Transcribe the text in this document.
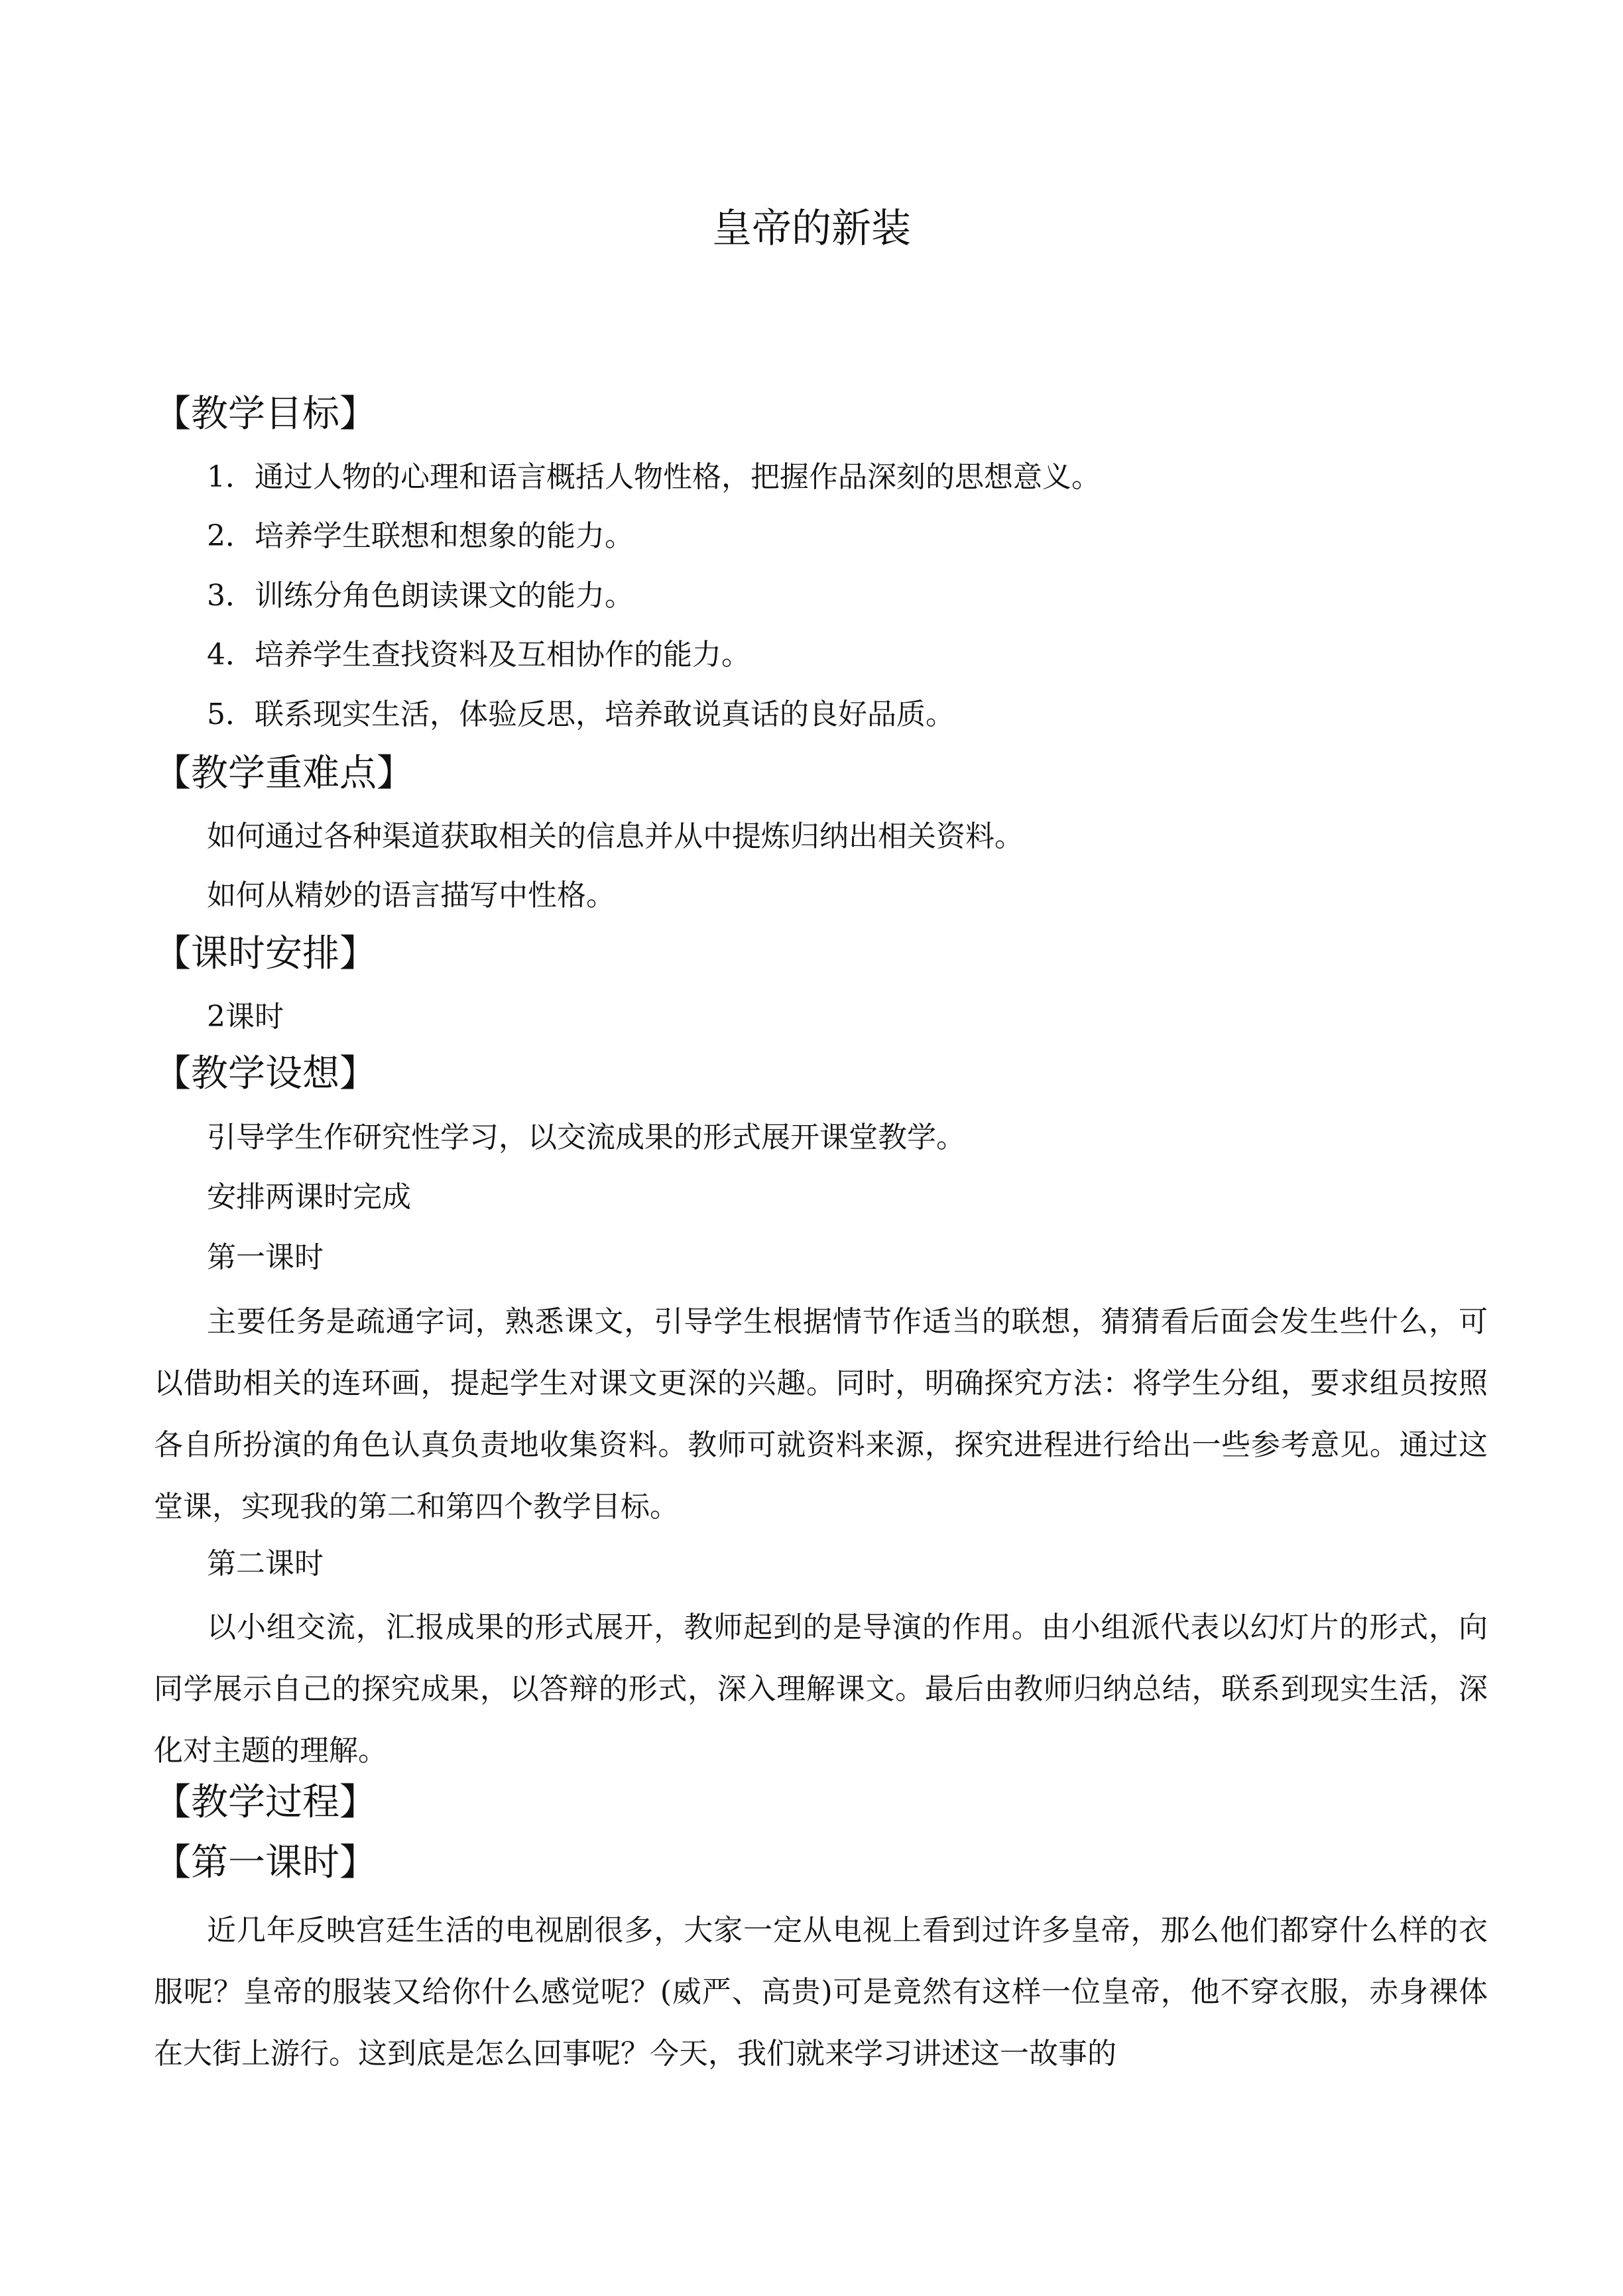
皇帝的新装
【教学目标】
1．通过人物的心理和语言概括人物性格，把握作品深刻的思想意义。
2．培养学生联想和想象的能力。
3．训练分角色朗读课文的能力。
4．培养学生查找资料及互相协作的能力。
5．联系现实生活，体验反思，培养敢说真话的良好品质。
【教学重难点】
如何通过各种渠道获取相关的信息并从中提炼归纳出相关资料。
如何从精妙的语言描写中性格。
【课时安排】
2课时
【教学设想】
引导学生作研究性学习，以交流成果的形式展开课堂教学。
安排两课时完成
第一课时
主要任务是疏通字词，熟悉课文，引导学生根据情节作适当的联想，猜猜看后面会发生些什么，可以借助相关的连环画，提起学生对课文更深的兴趣。同时，明确探究方法：将学生分组，要求组员按照各自所扮演的角色认真负责地收集资料。教师可就资料来源，探究进程进行给出一些参考意见。通过这堂课，实现我的第二和第四个教学目标。
第二课时
以小组交流，汇报成果的形式展开，教师起到的是导演的作用。由小组派代表以幻灯片的形式，向同学展示自己的探究成果，以答辩的形式，深入理解课文。最后由教师归纳总结，联系到现实生活，深化对主题的理解。
【教学过程】
【第一课时】
近几年反映宫廷生活的电视剧很多，大家一定从电视上看到过许多皇帝，那么他们都穿什么样的衣服呢？皇帝的服装又给你什么感觉呢？(威严、高贵)可是竟然有这样一位皇帝，他不穿衣服，赤身裸体在大街上游行。这到底是怎么回事呢？今天，我们就来学习讲述这一故事的
